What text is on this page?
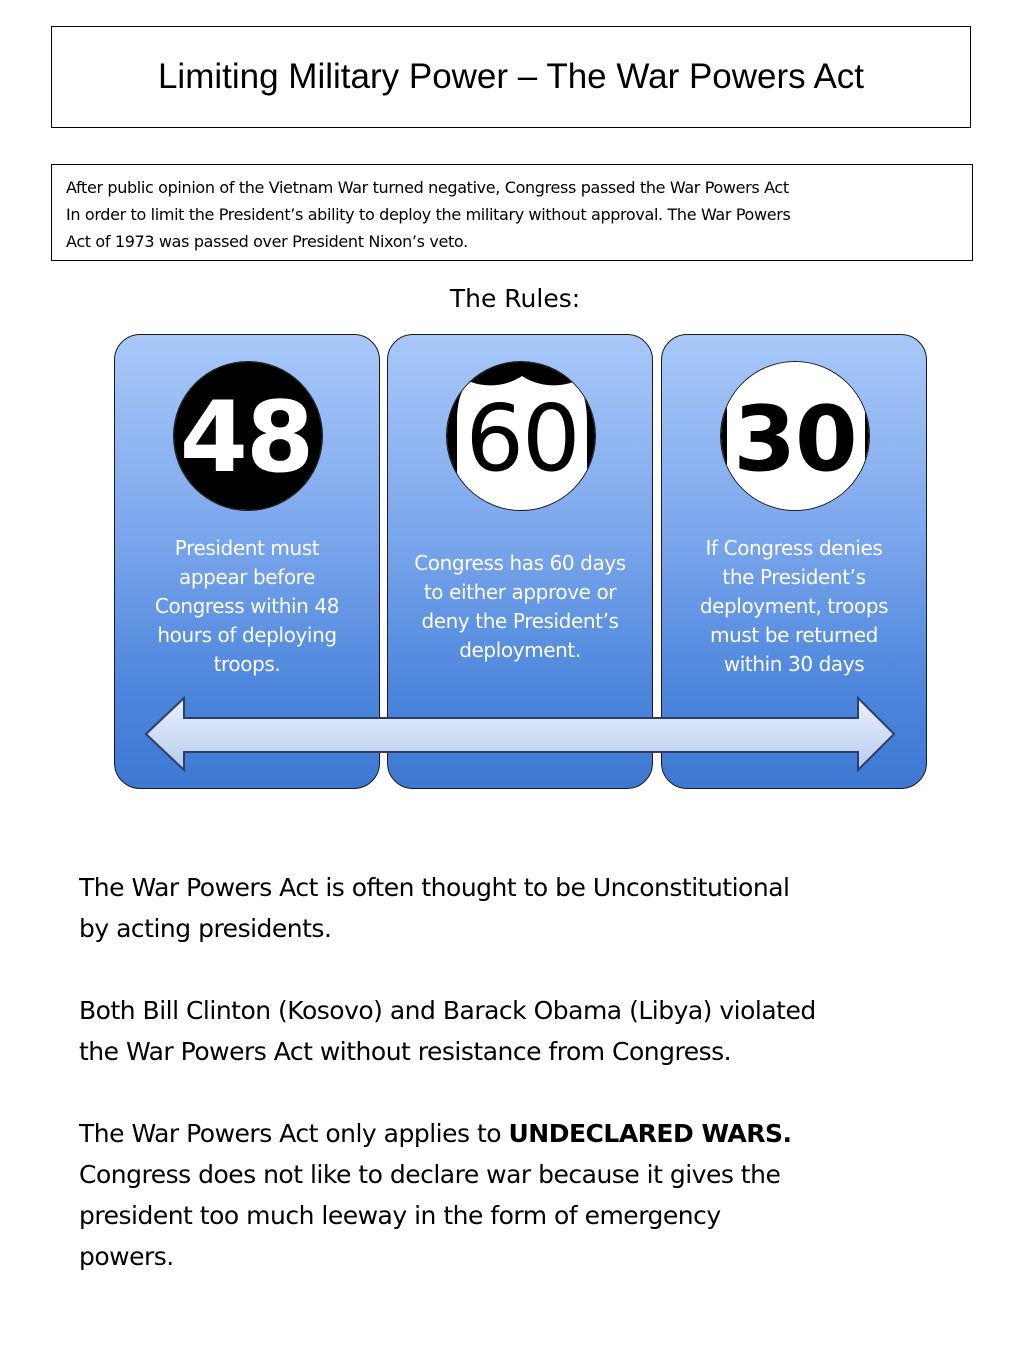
Limiting Military Power – The War Powers Act

After public opinion of the Vietnam War turned negative, Congress passed the War Powers Act

In order to limit the President’s ability to deploy the military without approval. The War Powers

Act of 1973 was passed over President Nixon’s veto.

The Rules:
48

President must

appear before

Congress within 48

hours of deploying

troops.

60

Congress has 60 days

to either approve or

deny the President’s

deployment.

30

If Congress denies

the President’s

deployment, troops

must be returned

within 30 days

The War Powers Act is often thought to be Unconstitutional

by acting presidents.

Both Bill Clinton (Kosovo) and Barack Obama (Libya) violated

the War Powers Act without resistance from Congress.

The War Powers Act only applies to UNDECLARED WARS.

Congress does not like to declare war because it gives the

president too much leeway in the form of emergency

powers.
